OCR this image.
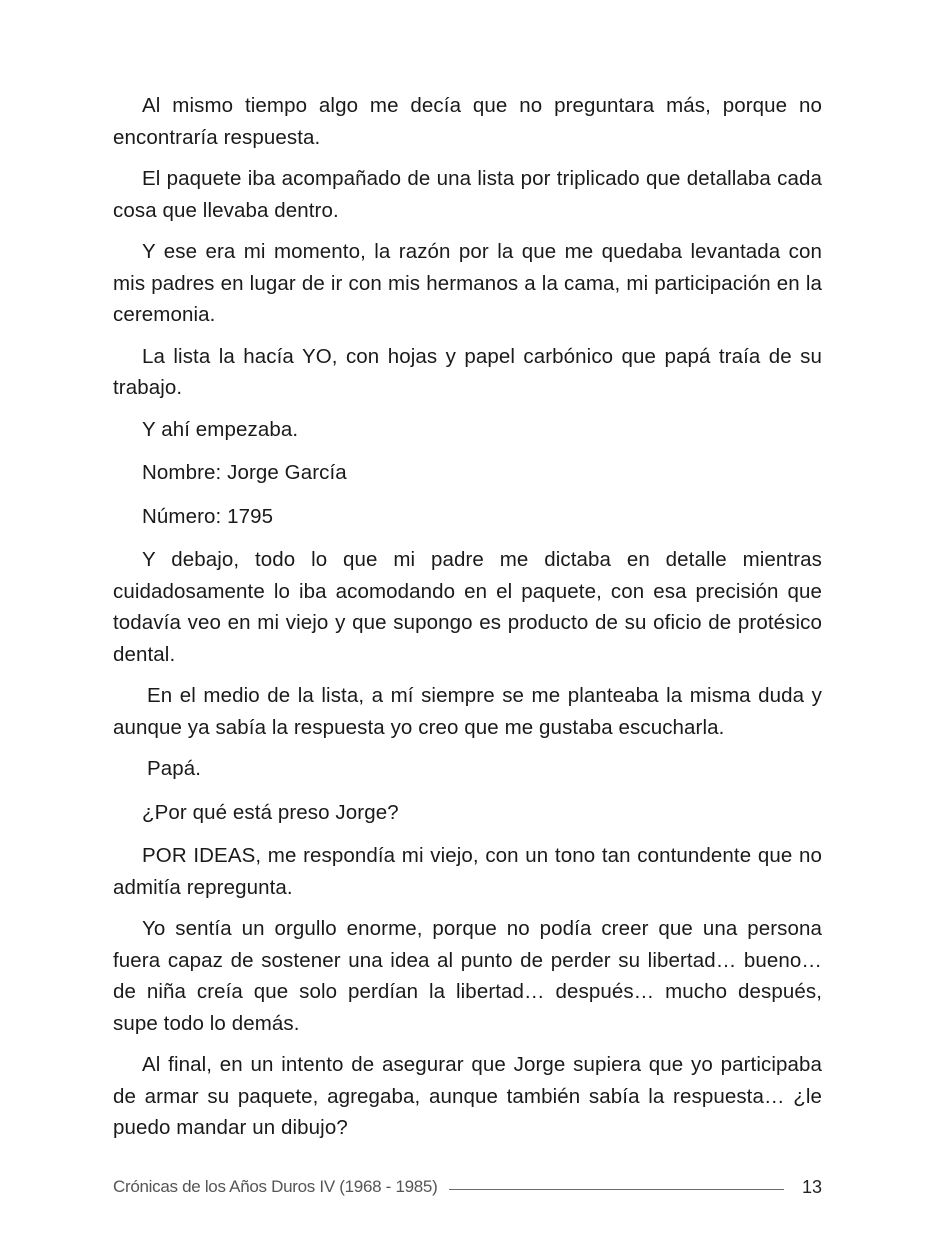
Al mismo tiempo algo me decía que no preguntara más, porque no encontraría respuesta.

El paquete iba acompañado de una lista por triplicado que detallaba cada cosa que llevaba dentro.

Y ese era mi momento, la razón por la que me quedaba levantada con mis padres en lugar de ir con mis hermanos a la cama, mi participación en la ceremonia.

La lista la hacía YO, con hojas y papel carbónico que papá traía de su trabajo.

Y ahí empezaba.

Nombre: Jorge García

Número: 1795

Y debajo, todo lo que mi padre me dictaba en detalle mientras cuidadosamente lo iba acomodando en el paquete, con esa precisión que todavía veo en mi viejo y que supongo es producto de su oficio de protésico dental.

En el medio de la lista, a mí siempre se me planteaba la misma duda y aunque ya sabía la respuesta yo creo que me gustaba escucharla.

Papá.

¿Por qué está preso Jorge?

POR IDEAS, me respondía mi viejo, con un tono tan contundente que no admitía repregunta.

Yo sentía un orgullo enorme, porque no podía creer que una persona fuera capaz de sostener una idea al punto de perder su libertad… bueno… de niña creía que solo perdían la libertad… después… mucho después, supe todo lo demás.

Al final, en un intento de asegurar que Jorge supiera que yo participaba de armar su paquete, agregaba, aunque también sabía la respuesta… ¿le puedo mandar un dibujo?

Crónicas de los Años Duros IV (1968 - 1985)	13
